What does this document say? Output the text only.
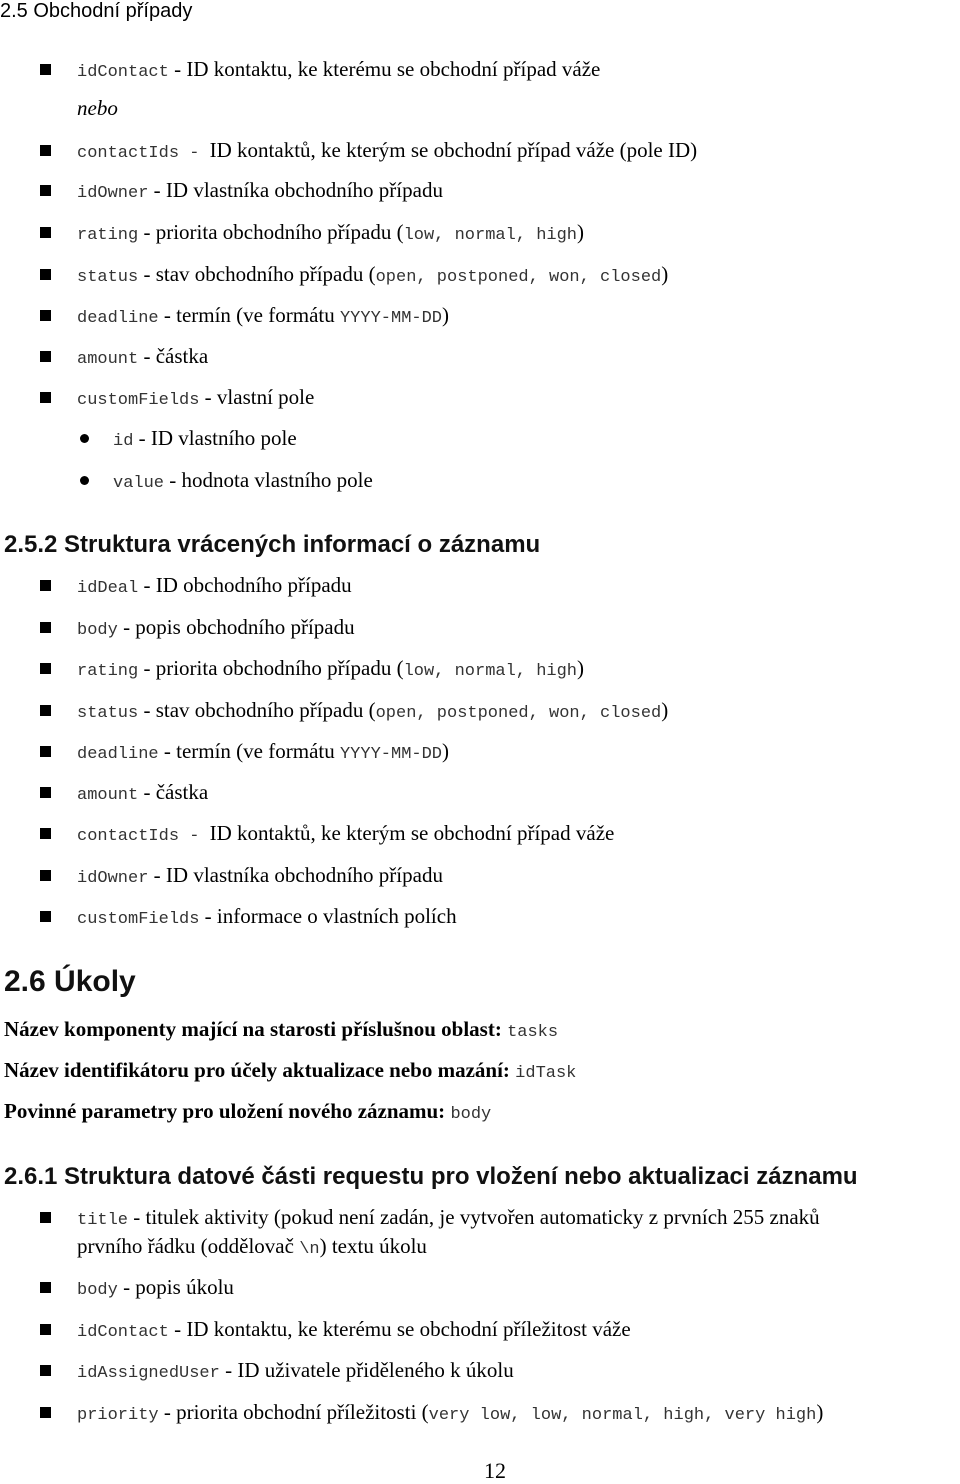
2.5 Obchodní případy
idContact - ID kontaktu, ke kterému se obchodní případ váže
nebo
contactIds - ID kontaktů, ke kterým se obchodní případ váže (pole ID)
idOwner - ID vlastníka obchodního případu
rating - priorita obchodního případu (low, normal, high)
status - stav obchodního případu (open, postponed, won, closed)
deadline - termín (ve formátu YYYY-MM-DD)
amount - částka
customFields - vlastní pole
id - ID vlastního pole
value - hodnota vlastního pole
2.5.2 Struktura vrácených informací o záznamu
idDeal - ID obchodního případu
body - popis obchodního případu
rating - priorita obchodního případu (low, normal, high)
status - stav obchodního případu (open, postponed, won, closed)
deadline - termín (ve formátu YYYY-MM-DD)
amount - částka
contactIds - ID kontaktů, ke kterým se obchodní případ váže
idOwner - ID vlastníka obchodního případu
customFields - informace o vlastních polích
2.6 Úkoly
Název komponenty mající na starosti příslušnou oblast: tasks
Název identifikátoru pro účely aktualizace nebo mazání: idTask
Povinné parametry pro uložení nového záznamu: body
2.6.1 Struktura datové části requestu pro vložení nebo aktualizaci záznamu
title - titulek aktivity (pokud není zadán, je vytvořen automaticky z prvních 255 znaků
prvního řádku (oddělovač \n) textu úkolu
body - popis úkolu
idContact - ID kontaktu, ke kterému se obchodní příležitost váže
idAssignedUser - ID uživatele přiděleného k úkolu
priority - priorita obchodní příležitosti (very low, low, normal, high, very high)
12
